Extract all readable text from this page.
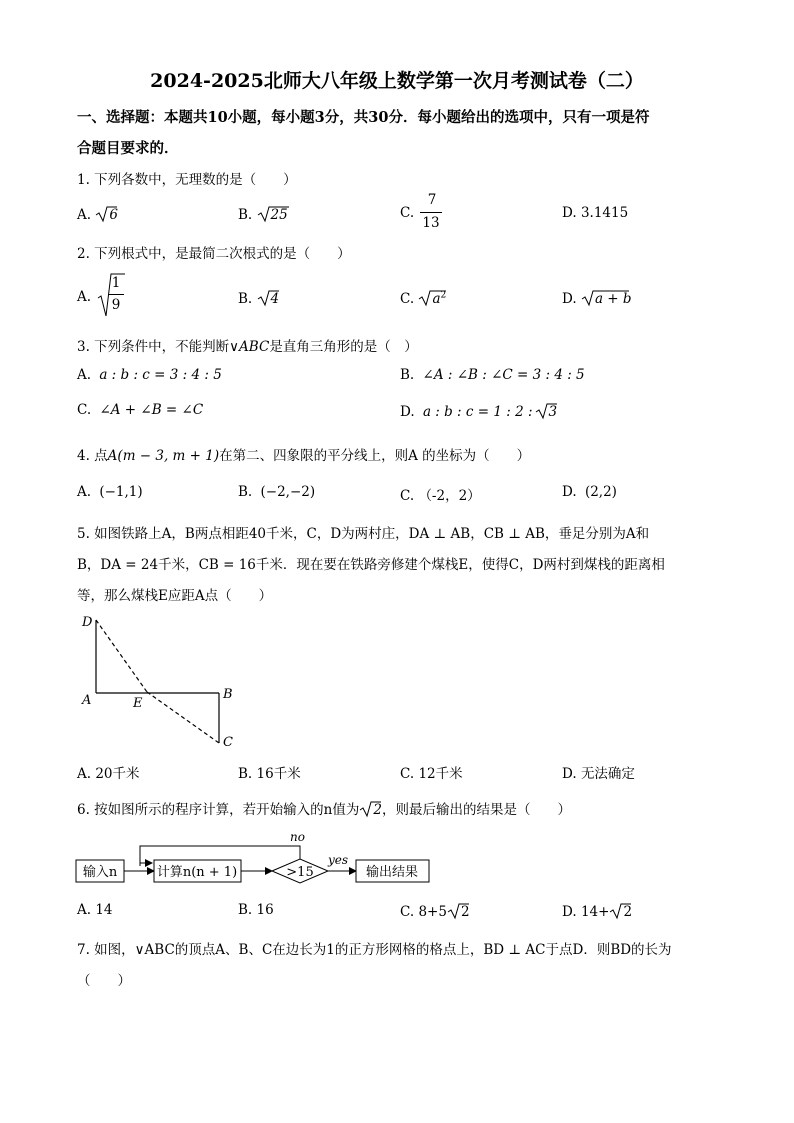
2024-2025北师大八年级上数学第一次月考测试卷（二）
一、选择题：本题共10小题，每小题3分，共30分．每小题给出的选项中，只有一项是符
合题目要求的．
1. 下列各数中，无理数的是（　　）
A. 6	B. 25	C.
7
13
D. 3.1415
2. 下列根式中，是最简二次根式的是（　　）
A.
1
9	B. 4	C. $a^2$	D. a + b
3. 下列条件中，不能判断∨ABC是直角三角形的是（　）
A. a : b : c = 3 : 4 : 5	B. ∠A : ∠B : ∠C = 3 : 4 : 5
C. ∠A + ∠B = ∠C	D. a : b : c = 1 : 2 : 3
4. 点A(m − 3, m + 1)在第二、四象限的平分线上，则A 的坐标为（　　）
A. (−1,1)	B. (−2,−2)	C. （-2，2）	D. (2,2)
5. 如图铁路上A，B两点相距40千米，C，D为两村庄，DA ⊥ AB，CB ⊥ AB，垂足分别为A和
B，DA = 24千米，CB = 16千米．现在要在铁路旁修建个煤栈E，使得C，D两村到煤栈的距离相
等，那么煤栈E应距A点（　　）
D
A	E
B
C
A. 20千米	B. 16千米	C. 12千米	D. 无法确定
6. 按如图所示的程序计算，若开始输入的n值为 2，则最后输出的结果是（　　）
输入n	计算n(n + 1)	>15
no
yes
输出结果
A. 14	B. 16	C. 8+5 2	D. 14+ 2
7. 如图，∨ABC的顶点A、B、C在边长为1的正方形网格的格点上，BD ⊥ AC于点D．则BD的长为
（　　）
